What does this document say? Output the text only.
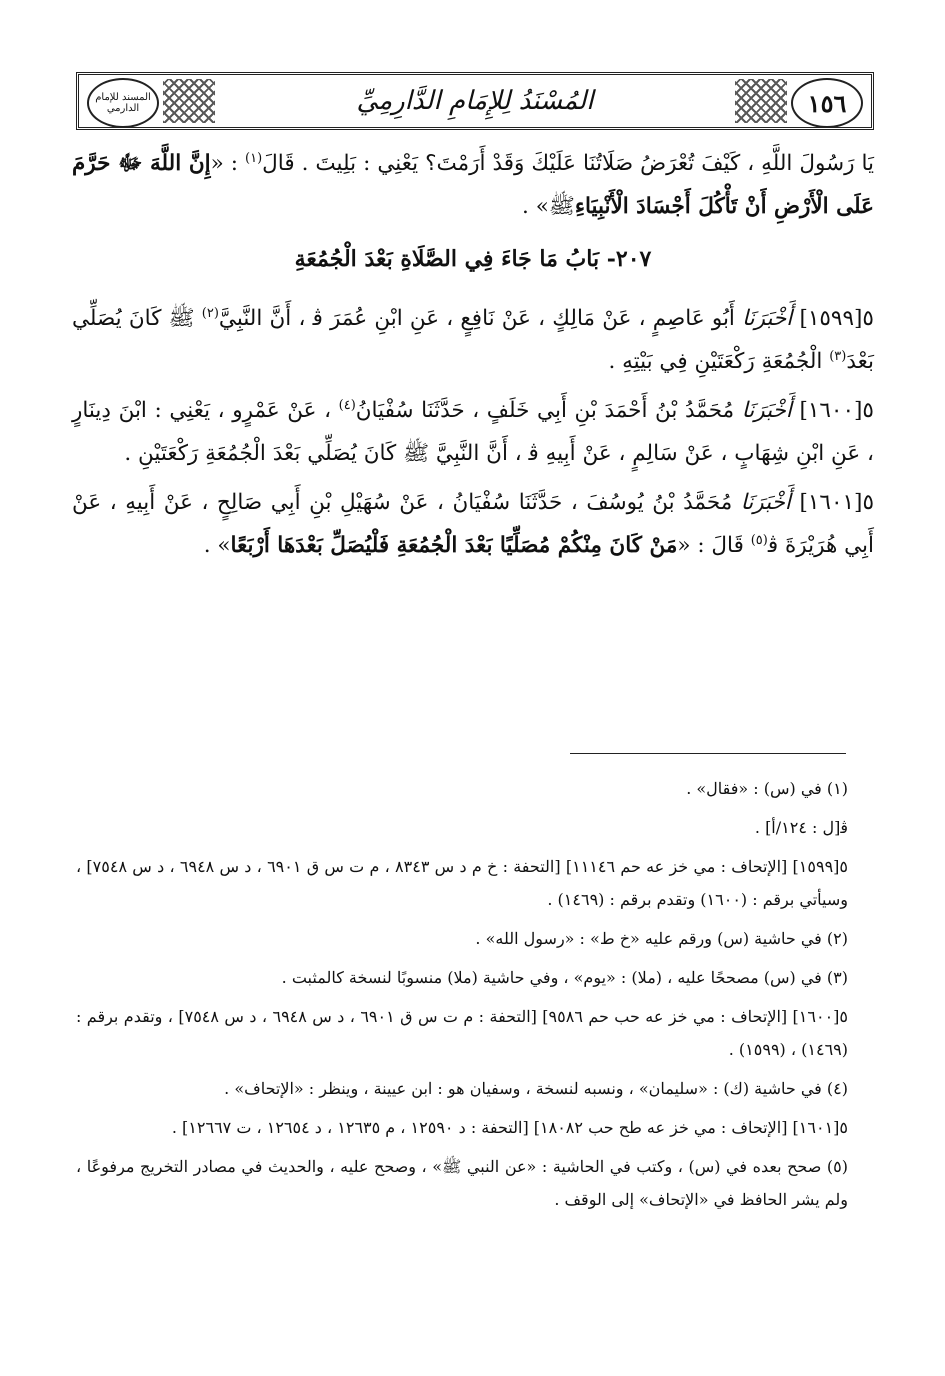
المسند للإمام الدارمي	المُسْنَدُ لِلإِمَامِ الدَّارِمِيِّ	١٥٦

يَا رَسُولَ اللَّهِ ، كَيْفَ تُعْرَضُ صَلَاتُنَا عَلَيْكَ وَقَدْ أَرَمْتَ؟ يَعْنِي : بَلِيتَ . قَالَ$^{(١)}$ : «إِنَّ اللَّهَ ﷻ حَرَّمَ عَلَى الْأَرْضِ أَنْ تَأْكُلَ أَجْسَادَ الْأَنْبِيَاءِﷺ» .

٢٠٧- بَابُ مَا جَاءَ فِي الصَّلَاةِ بَعْدَ الْجُمُعَةِ

٥[١٥٩٩] أَخْبَرَنَا أَبُو عَاصِمٍ ، عَنْ مَالِكٍ ، عَنْ نَافِعٍ ، عَنِ ابْنِ عُمَرَ ﭬ ، أَنَّ النَّبِيَّ$^{(٢)}$ ﷺ كَانَ يُصَلِّي بَعْدَ$^{(٣)}$ الْجُمُعَةِ رَكْعَتَيْنِ فِي بَيْتِهِ .

٥[١٦٠٠] أَخْبَرَنَا مُحَمَّدُ بْنُ أَحْمَدَ بْنِ أَبِي خَلَفٍ ، حَدَّثَنَا سُفْيَانُ$^{(٤)}$ ، عَنْ عَمْرٍو ، يَعْنِي : ابْنَ دِينَارٍ ، عَنِ ابْنِ شِهَابٍ ، عَنْ سَالِمٍ ، عَنْ أَبِيهِ ﭬ ، أَنَّ النَّبِيَّ ﷺ كَانَ يُصَلِّي بَعْدَ الْجُمُعَةِ رَكْعَتَيْنِ .

٥[١٦٠١] أَخْبَرَنَا مُحَمَّدُ بْنُ يُوسُفَ ، حَدَّثَنَا سُفْيَانُ ، عَنْ سُهَيْلِ بْنِ أَبِي صَالِحٍ ، عَنْ أَبِيهِ ، عَنْ أَبِي هُرَيْرَةَ ﭬ$^{(٥)}$ قَالَ : «مَنْ كَانَ مِنْكُمْ مُصَلِّيًا بَعْدَ الْجُمُعَةِ فَلْيُصَلِّ بَعْدَهَا أَرْبَعًا» .

(١) في (س) : «فقال» .

ﭬ[ل : ١٢٤/أ] .

٥[١٥٩٩] [الإتحاف : مي خز عه حم ١١١٤٦] [التحفة : خ م د س ٨٣٤٣ ، م ت س ق ٦٩٠١ ، د س ٦٩٤٨ ، د س ٧٥٤٨] ، وسيأتي برقم : (١٦٠٠) وتقدم برقم : (١٤٦٩) .

(٢) في حاشية (س) ورقم عليه «خ ط» : «رسول الله» .

(٣) في (س) مصححًا عليه ، (ملا) : «يوم» ، وفي حاشية (ملا) منسوبًا لنسخة كالمثبت .

٥[١٦٠٠] [الإتحاف : مي خز عه حب حم ٩٥٨٦] [التحفة : م ت س ق ٦٩٠١ ، د س ٦٩٤٨ ، د س ٧٥٤٨] ، وتقدم برقم : (١٤٦٩) ، (١٥٩٩) .

(٤) في حاشية (ك) : «سليمان» ، ونسبه لنسخة ، وسفيان هو : ابن عيينة ، وينظر : «الإتحاف» .

٥[١٦٠١] [الإتحاف : مي خز عه طح حب ١٨٠٨٢] [التحفة : د ١٢٥٩٠ ، م ١٢٦٣٥ ، د ١٢٦٥٤ ، ت ١٢٦٦٧] .

(٥) صحح بعده في (س) ، وكتب في الحاشية : «عن النبي ﷺ» ، وصحح عليه ، والحديث في مصادر التخريج مرفوعًا ، ولم يشر الحافظ في «الإتحاف» إلى الوقف .
